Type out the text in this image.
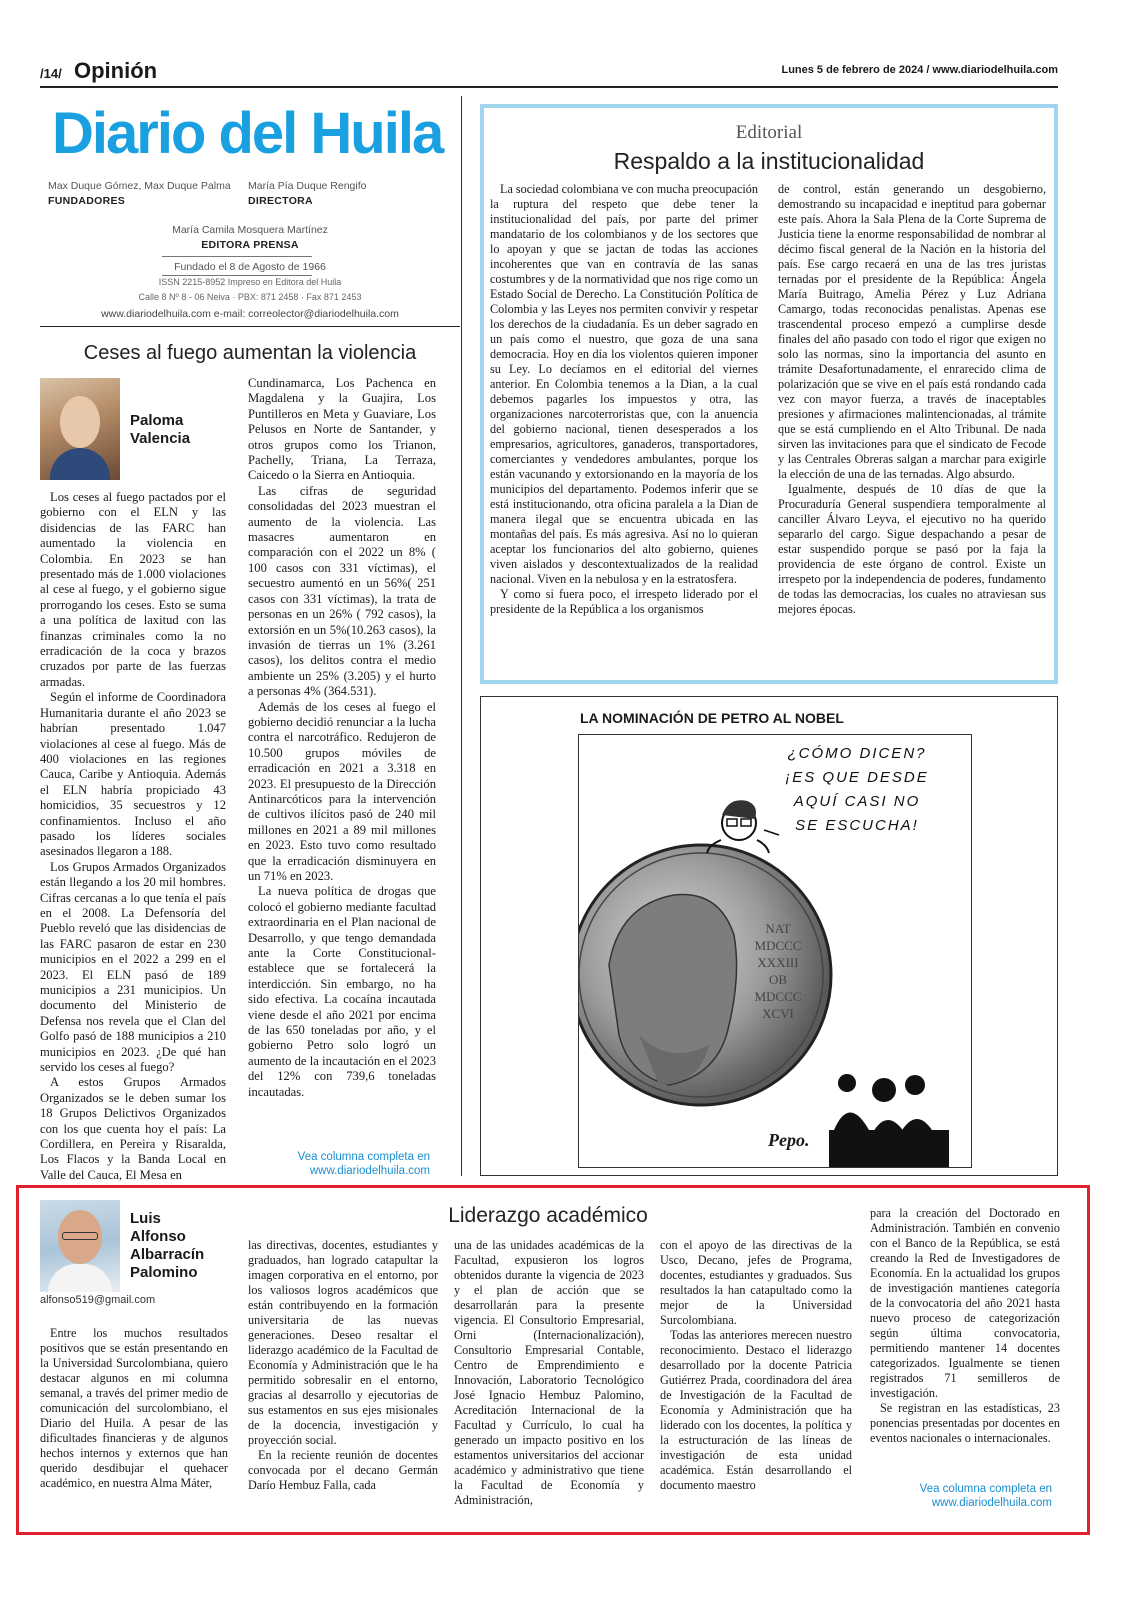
/14/ Opinión	Lunes 5 de febrero de 2024 / www.diariodelhuila.com
Diario del Huila
Max Duque Gómez, Max Duque Palma
FUNDADORES
María Pía Duque Rengifo
DIRECTORA
María Camila Mosquera Martínez
EDITORA PRENSA
Fundado el 8 de Agosto de 1966
ISSN 2215-8952 Impreso en Editora del Huila
Calle 8 Nº 8 - 06 Neiva · PBX: 871 2458 · Fax 871 2453
www.diariodelhuila.com e-mail: correolector@diariodelhuila.com
Ceses al fuego aumentan la violencia
Paloma
Valencia

Los ceses al fuego pactados por el gobierno con el ELN y las disidencias de las FARC han aumentado la violencia en Colombia. En 2023 se han presentado más de 1.000 violaciones al cese al fuego, y el gobierno sigue prorrogando los ceses. Esto se suma a una política de laxitud con las finanzas criminales como la no erradicación de la coca y brazos cruzados por parte de las fuerzas armadas.

Según el informe de Coordinadora Humanitaria durante el año 2023 se habrían presentado 1.047 violaciones al cese al fuego. Más de 400 violaciones en las regiones Cauca, Caribe y Antioquia. Además el ELN habría propiciado 43 homicidios, 35 secuestros y 12 confinamientos. Incluso el año pasado los líderes sociales asesinados llegaron a 188.

Los Grupos Armados Organizados están llegando a los 20 mil hombres. Cifras cercanas a lo que tenía el país en el 2008. La Defensoría del Pueblo reveló que las disidencias de las FARC pasaron de estar en 230 municipios en el 2022 a 299 en el 2023. El ELN pasó de 189 municipios a 231 municipios. Un documento del Ministerio de Defensa nos revela que el Clan del Golfo pasó de 188 municipios a 210 municipios en 2023. ¿De qué han servido los ceses al fuego?

A estos Grupos Armados Organizados se le deben sumar los 18 Grupos Delictivos Organizados con los que cuenta hoy el país: La Cordillera, en Pereira y Risaralda, Los Flacos y la Banda Local en Valle del Cauca, El Mesa en

Cundinamarca, Los Pachenca en Magdalena y la Guajira, Los Puntilleros en Meta y Guaviare, Los Pelusos en Norte de Santander, y otros grupos como los Trianon, Pachelly, Triana, La Terraza, Caicedo o la Sierra en Antioquia.

Las cifras de seguridad consolidadas del 2023 muestran el aumento de la violencia. Las masacres aumentaron en comparación con el 2022 un 8% ( 100 casos con 331 víctimas), el secuestro aumentó en un 56%( 251 casos con 331 víctimas), la trata de personas en un 26% ( 792 casos), la extorsión en un 5%(10.263 casos), la invasión de tierras un 1% (3.261 casos), los delitos contra el medio ambiente un 25% (3.205) y el hurto a personas 4% (364.531).

Además de los ceses al fuego el gobierno decidió renunciar a la lucha contra el narcotráfico. Redujeron de 10.500 grupos móviles de erradicación en 2021 a 3.318 en 2023. El presupuesto de la Dirección Antinarcóticos para la intervención de cultivos ilícitos pasó de 240 mil millones en 2021 a 89 mil millones en 2023. Esto tuvo como resultado que la erradicación disminuyera en un 71% en 2023.

La nueva política de drogas que colocó el gobierno mediante facultad extraordinaria en el Plan nacional de Desarrollo, y que tengo demandada ante la Corte Constitucional-establece que se fortalecerá la interdicción. Sin embargo, no ha sido efectiva. La cocaína incautada viene desde el año 2021 por encima de las 650 toneladas por año, y el gobierno Petro solo logró un aumento de la incautación en el 2023 del 12% con 739,6 toneladas incautadas.

Vea columna completa en www.diariodelhuila.com
Editorial
Respaldo a la institucionalidad

La sociedad colombiana ve con mucha preocupación la ruptura del respeto que debe tener la institucionalidad del país, por parte del primer mandatario de los colombianos y de los sectores que lo apoyan y que se jactan de todas las acciones incoherentes que van en contravía de las sanas costumbres y de la normatividad que nos rige como un Estado Social de Derecho. La Constitución Política de Colombia y las Leyes nos permiten convivir y respetar los derechos de la ciudadanía. Es un deber sagrado en un país como el nuestro, que goza de una sana democracia. Hoy en día los violentos quieren imponer su Ley. Lo decíamos en el editorial del viernes anterior. En Colombia tenemos a la Dian, a la cual debemos pagarles los impuestos y otra, las organizaciones narcoterroristas que, con la anuencia del gobierno nacional, tienen desesperados a los empresarios, agricultores, ganaderos, transportadores, comerciantes y vendedores ambulantes, porque los están vacunando y extorsionando en la mayoría de los municipios del departamento. Podemos inferir que se está institucionando, otra oficina paralela a la Dian de manera ilegal que se encuentra ubicada en las montañas del país. Es más agresiva. Así no lo quieran aceptar los funcionarios del alto gobierno, quienes viven aislados y descontextualizados de la realidad nacional. Viven en la nebulosa y en la estratosfera.

Y como si fuera poco, el irrespeto liderado por el presidente de la República a los organismos

de control, están generando un desgobierno, demostrando su incapacidad e ineptitud para gobernar este país. Ahora la Sala Plena de la Corte Suprema de Justicia tiene la enorme responsabilidad de nombrar al décimo fiscal general de la Nación en la historia del país. Ese cargo recaerá en una de las tres juristas ternadas por el presidente de la República: Ángela María Buitrago, Amelia Pérez y Luz Adriana Camargo, todas reconocidas penalistas. Apenas ese trascendental proceso empezó a cumplirse desde finales del año pasado con todo el rigor que exigen no solo las normas, sino la importancia del asunto en trámite Desafortunadamente, el enrarecido clima de polarización que se vive en el país está rondando cada vez con mayor fuerza, a través de inaceptables presiones y afirmaciones malintencionadas, al trámite que se está cumpliendo en el Alto Tribunal. De nada sirven las invitaciones para que el sindicato de Fecode y las Centrales Obreras salgan a marchar para exigirle la elección de una de las ternadas. Algo absurdo.

Igualmente, después de 10 días de que la Procuraduría General suspendiera temporalmente al canciller Álvaro Leyva, el ejecutivo no ha querido separarlo del cargo. Sigue despachando a pesar de estar suspendido porque se pasó por la faja la providencia de este órgano de control. Existe un irrespeto por la independencia de poderes, fundamento de todas las democracias, los cuales no atraviesan sus mejores épocas.

LA NOMINACIÓN DE PETRO AL NOBEL
NAT
MDCCC
XXXIII
OB
MDCCC
XCVI
¿CÓMO DICEN?
¡ES QUE DESDE
AQUÍ CASI NO
SE ESCUCHA!
Pepo.
Luis
Alfonso
Albarracín
Palomino
alfonso519@gmail.com
Liderazgo académico

Entre los muchos resultados positivos que se están presentando en la Universidad Surcolombiana, quiero destacar algunos en mi columna semanal, a través del primer medio de comunicación del surcolombiano, el Diario del Huila. A pesar de las dificultades financieras y de algunos hechos internos y externos que han querido desdibujar el quehacer académico, en nuestra Alma Máter,

las directivas, docentes, estudiantes y graduados, han logrado catapultar la imagen corporativa en el entorno, por los valiosos logros académicos que están contribuyendo en la formación universitaria de las nuevas generaciones. Deseo resaltar el liderazgo académico de la Facultad de Economía y Administración que le ha permitido sobresalir en el entorno, gracias al desarrollo y ejecutorias de sus estamentos en sus ejes misionales de la docencia, investigación y proyección social.

En la reciente reunión de docentes convocada por el decano Germán Darío Hembuz Falla, cada

una de las unidades académicas de la Facultad, expusieron los logros obtenidos durante la vigencia de 2023 y el plan de acción que se desarrollarán para la presente vigencia. El Consultorio Empresarial, Orni (Internacionalización), Consultorio Empresarial Contable, Centro de Emprendimiento e Innovación, Laboratorio Tecnológico José Ignacio Hembuz Palomino, Acreditación Internacional de la Facultad y Currículo, lo cual ha generado un impacto positivo en los estamentos universitarios del accionar académico y administrativo que tiene la Facultad de Economía y Administración,

con el apoyo de las directivas de la Usco, Decano, jefes de Programa, docentes, estudiantes y graduados. Sus resultados la han catapultado como la mejor de la Universidad Surcolombiana.

Todas las anteriores merecen nuestro reconocimiento. Destaco el liderazgo desarrollado por la docente Patricia Gutiérrez Prada, coordinadora del área de Investigación de la Facultad de Economía y Administración que ha liderado con los docentes, la política y la estructuración de las líneas de investigación de esta unidad académica. Están desarrollando el documento maestro

para la creación del Doctorado en Administración. También en convenio con el Banco de la República, se está creando la Red de Investigadores de Economía. En la actualidad los grupos de investigación mantienes categoría de la convocatoria del año 2021 hasta nuevo proceso de categorización según última convocatoria, permitiendo mantener 14 docentes categorizados. Igualmente se tienen registrados 71 semilleros de investigación.

Se registran en las estadísticas, 23 ponencias presentadas por docentes en eventos nacionales o internacionales.

Vea columna completa en www.diariodelhuila.com
